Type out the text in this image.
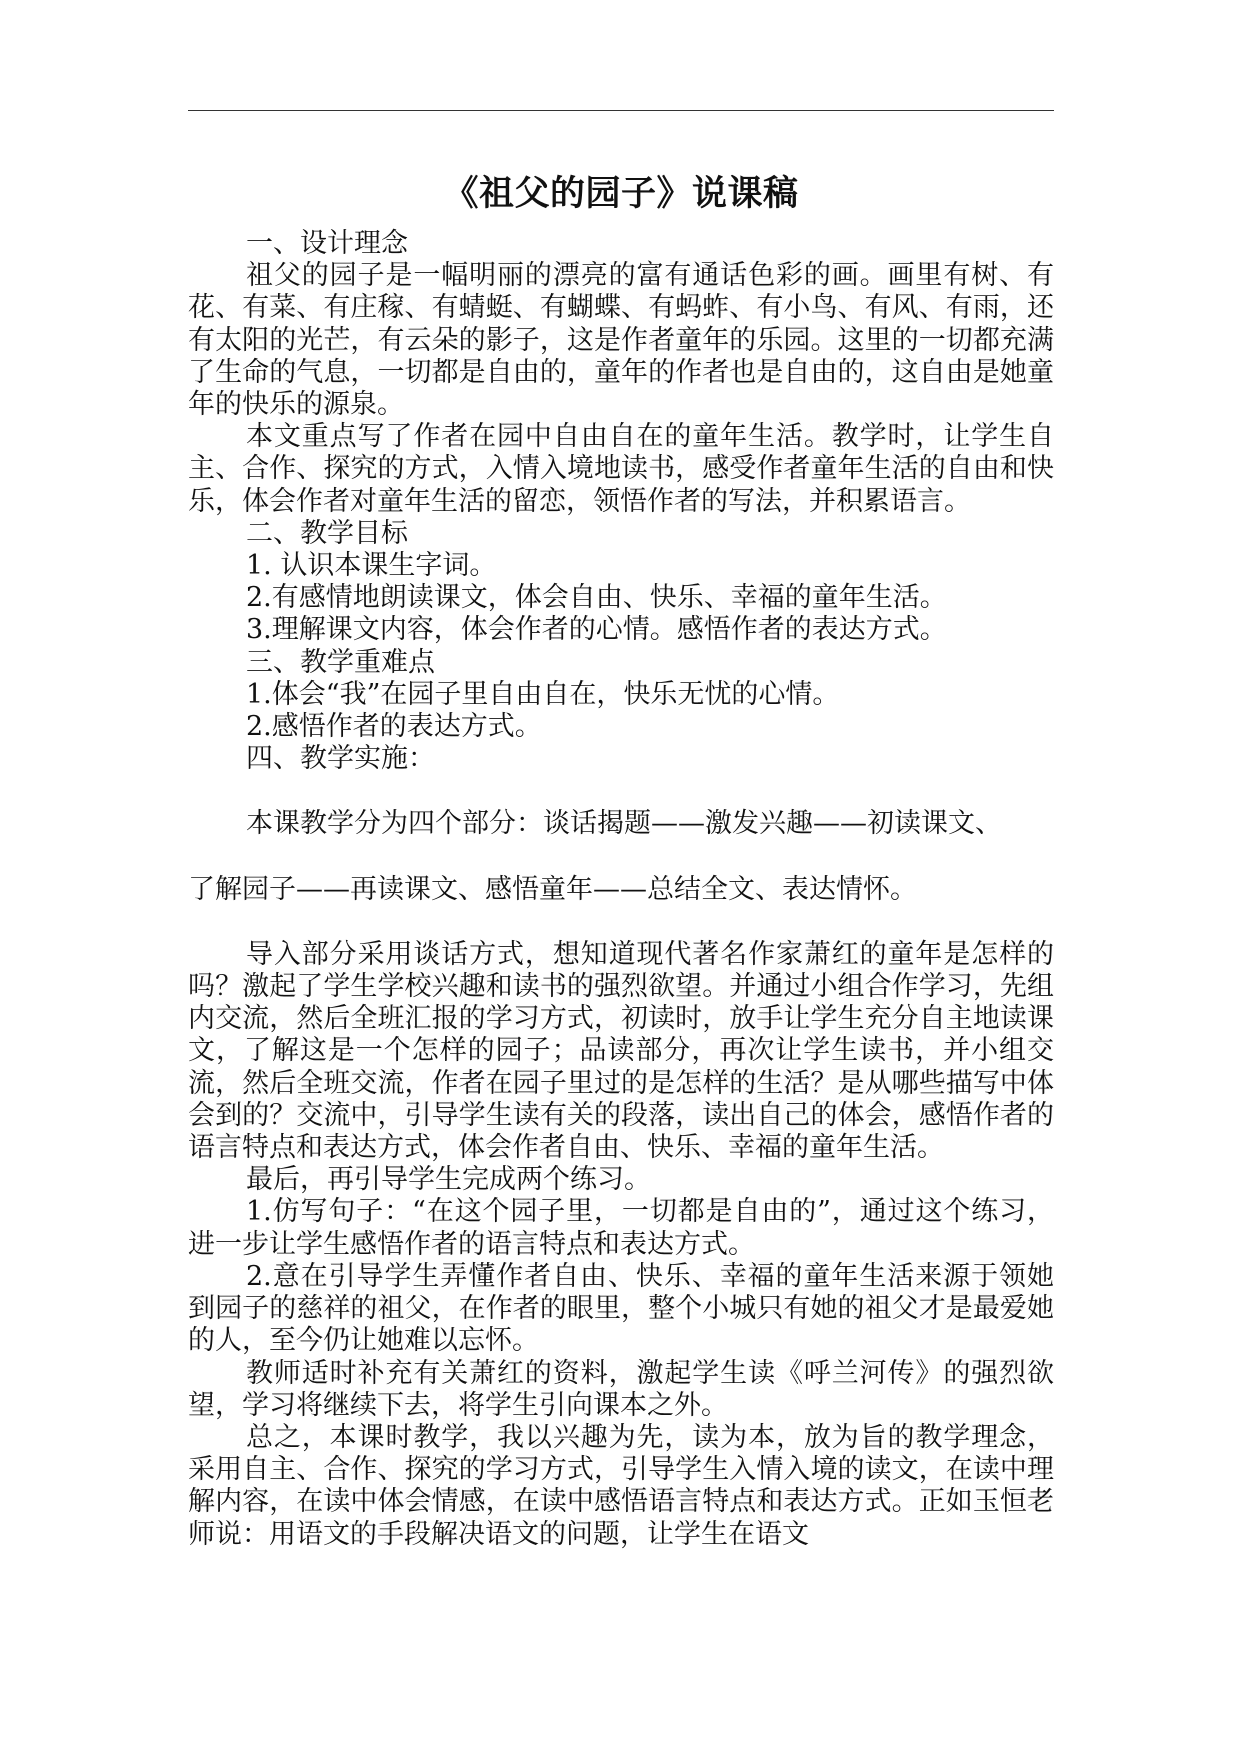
《祖父的园子》说课稿

一、设计理念

祖父的园子是一幅明丽的漂亮的富有通话色彩的画。画里有树、有花、有菜、有庄稼、有蜻蜓、有蝴蝶、有蚂蚱、有小鸟、有风、有雨，还有太阳的光芒，有云朵的影子，这是作者童年的乐园。这里的一切都充满了生命的气息，一切都是自由的，童年的作者也是自由的，这自由是她童年的快乐的源泉。

本文重点写了作者在园中自由自在的童年生活。教学时，让学生自主、合作、探究的方式，入情入境地读书，感受作者童年生活的自由和快乐，体会作者对童年生活的留恋，领悟作者的写法，并积累语言。

二、教学目标

1. 认识本课生字词。

2.有感情地朗读课文，体会自由、快乐、幸福的童年生活。

3.理解课文内容，体会作者的心情。感悟作者的表达方式。

三、教学重难点

1.体会“我”在园子里自由自在，快乐无忧的心情。

2.感悟作者的表达方式。

四、教学实施：

本课教学分为四个部分：谈话揭题——激发兴趣——初读课文、

了解园子——再读课文、感悟童年——总结全文、表达情怀。

导入部分采用谈话方式，想知道现代著名作家萧红的童年是怎样的吗？激起了学生学校兴趣和读书的强烈欲望。并通过小组合作学习，先组内交流，然后全班汇报的学习方式，初读时，放手让学生充分自主地读课文，了解这是一个怎样的园子；品读部分，再次让学生读书，并小组交流，然后全班交流，作者在园子里过的是怎样的生活？是从哪些描写中体会到的？交流中，引导学生读有关的段落，读出自己的体会，感悟作者的语言特点和表达方式，体会作者自由、快乐、幸福的童年生活。

最后，再引导学生完成两个练习。

1.仿写句子：“在这个园子里，一切都是自由的”，通过这个练习，进一步让学生感悟作者的语言特点和表达方式。

2.意在引导学生弄懂作者自由、快乐、幸福的童年生活来源于领她到园子的慈祥的祖父，在作者的眼里，整个小城只有她的祖父才是最爱她的人，至今仍让她难以忘怀。

教师适时补充有关萧红的资料，激起学生读《呼兰河传》的强烈欲望，学习将继续下去，将学生引向课本之外。

总之，本课时教学，我以兴趣为先，读为本，放为旨的教学理念，采用自主、合作、探究的学习方式，引导学生入情入境的读文，在读中理解内容，在读中体会情感，在读中感悟语言特点和表达方式。正如玉恒老师说：用语文的手段解决语文的问题，让学生在语文
